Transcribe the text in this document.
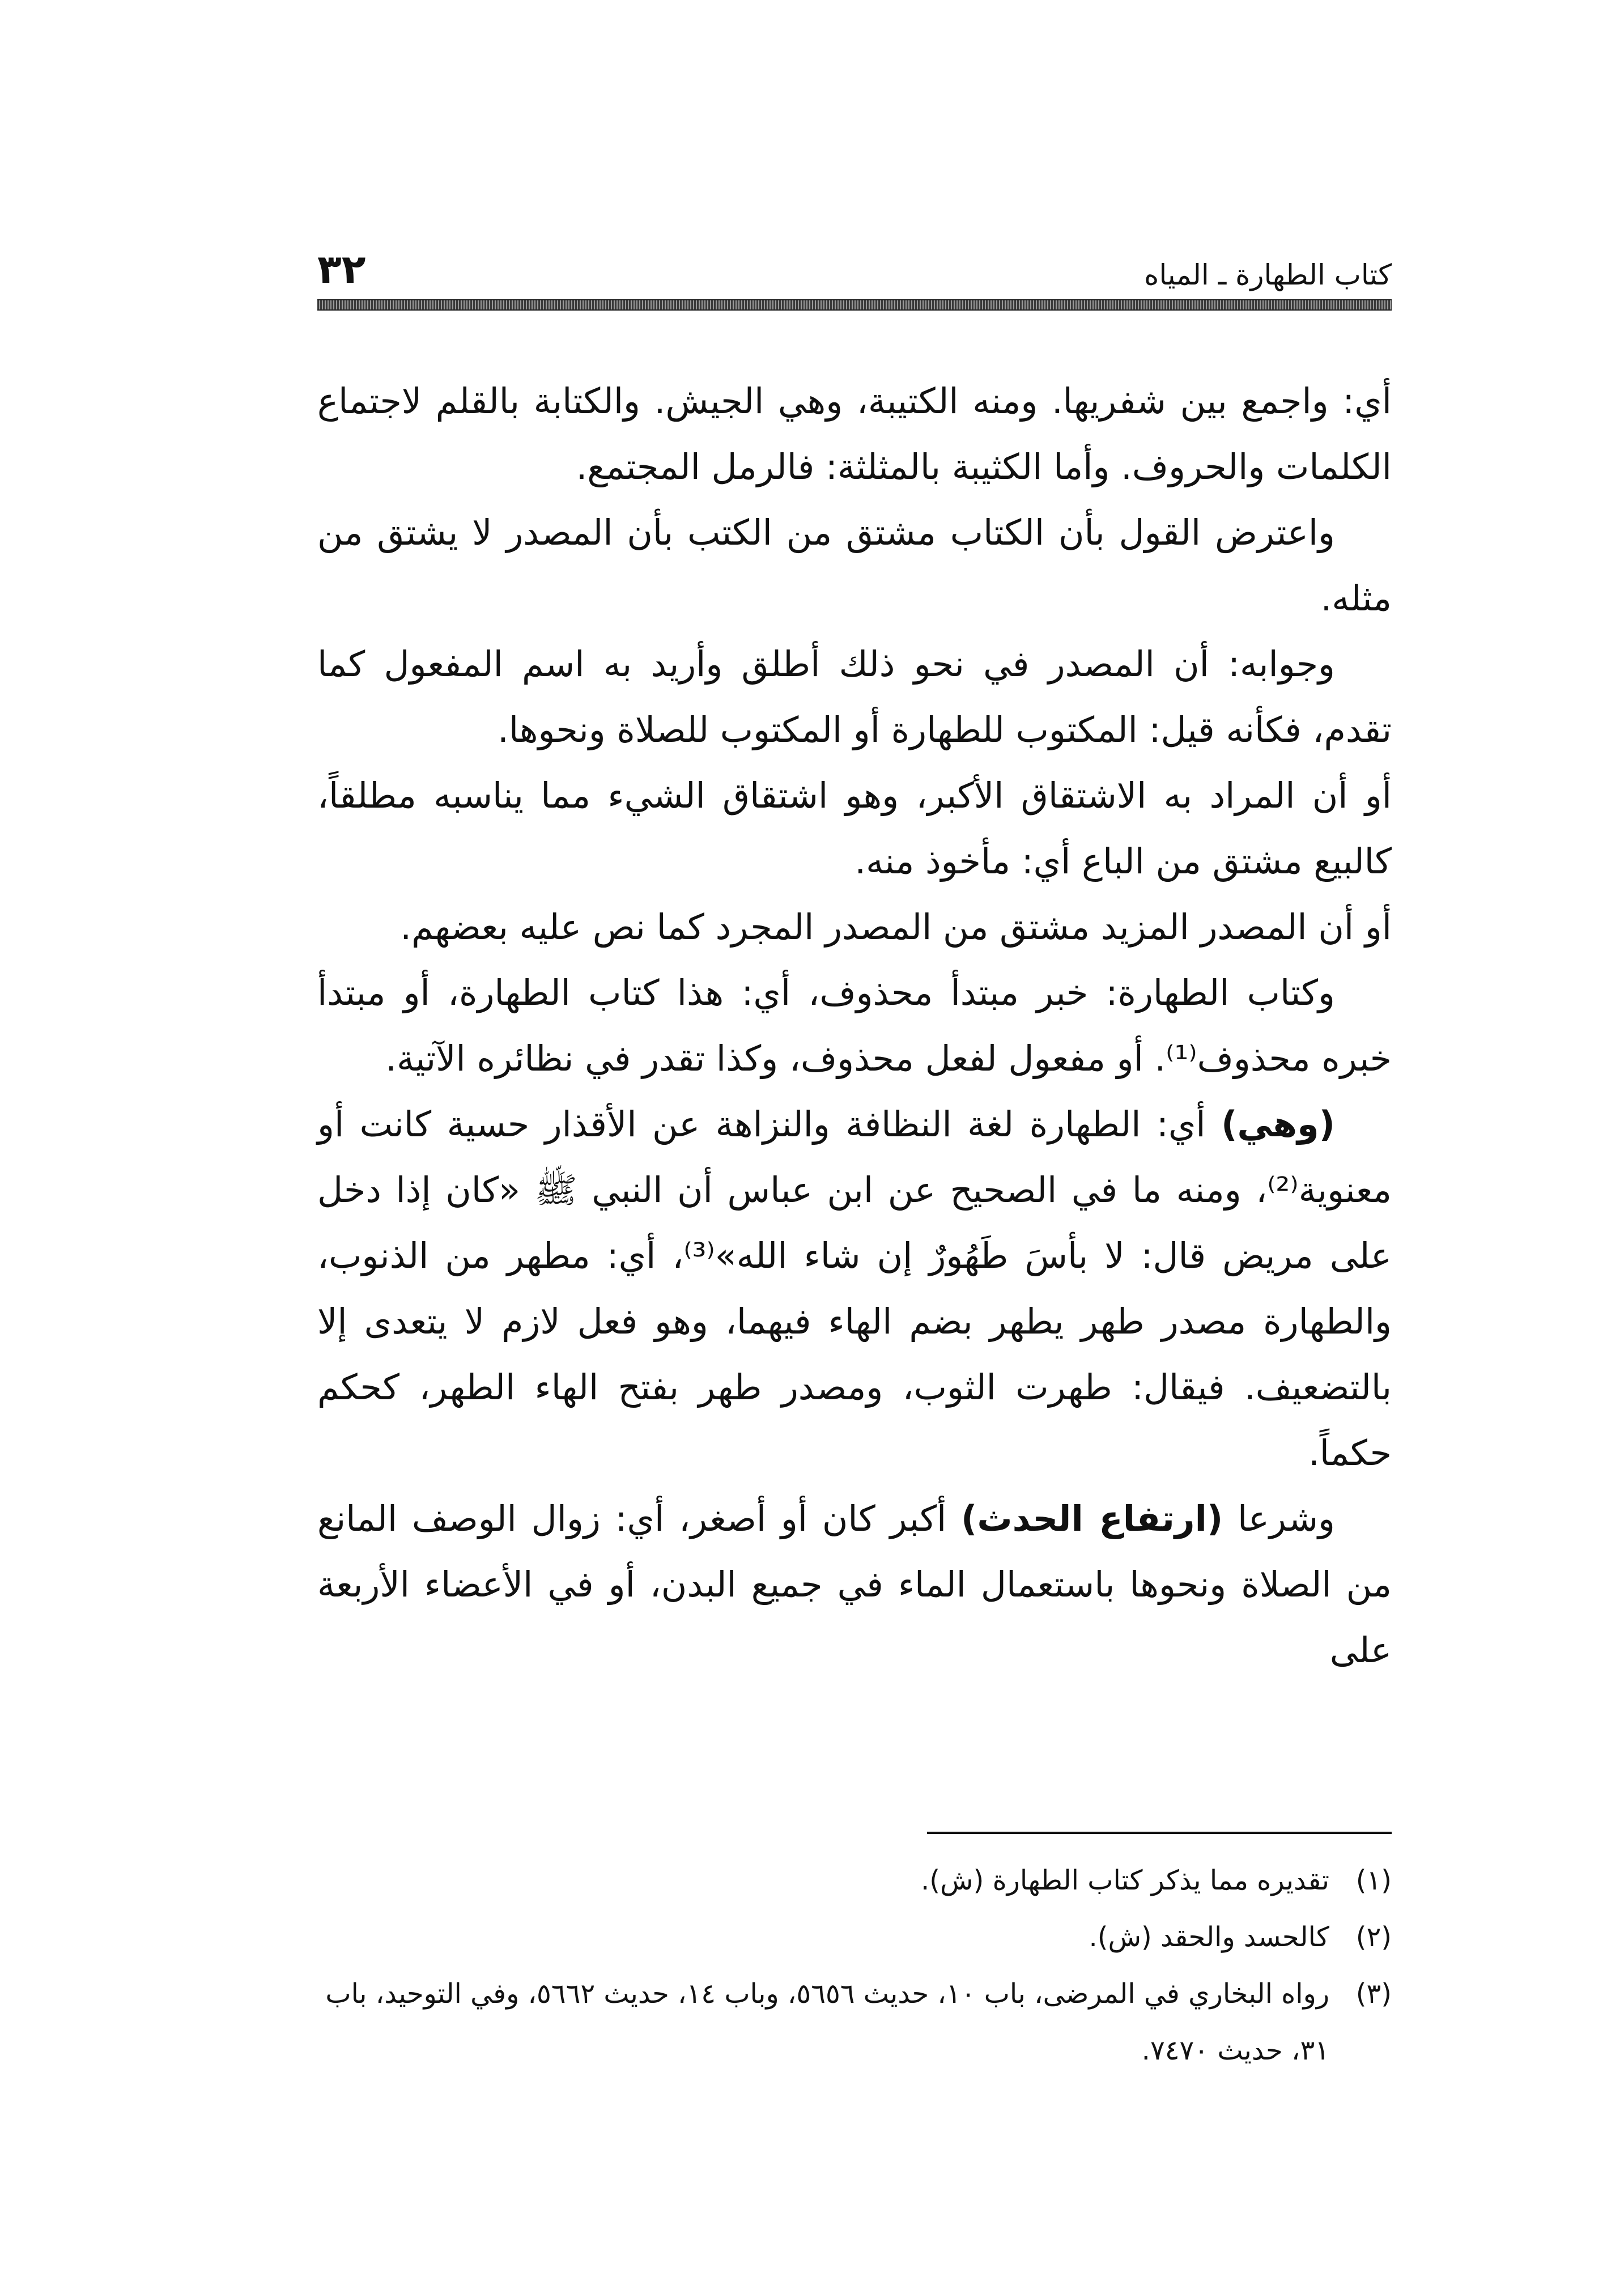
كتاب الطهارة ـ المياه
٣٢

أي: واجمع بين شفريها. ومنه الكتيبة، وهي الجيش. والكتابة بالقلم لاجتماع الكلمات والحروف. وأما الكثيبة بالمثلثة: فالرمل المجتمع.

واعترض القول بأن الكتاب مشتق من الكتب بأن المصدر لا يشتق من مثله.

وجوابه: أن المصدر في نحو ذلك أطلق وأريد به اسم المفعول كما تقدم، فكأنه قيل: المكتوب للطهارة أو المكتوب للصلاة ونحوها.

أو أن المراد به الاشتقاق الأكبر، وهو اشتقاق الشيء مما يناسبه مطلقاً، كالبيع مشتق من الباع أي: مأخوذ منه.

أو أن المصدر المزيد مشتق من المصدر المجرد كما نص عليه بعضهم.

وكتاب الطهارة: خبر مبتدأ محذوف، أي: هذا كتاب الطهارة، أو مبتدأ خبره محذوف⁽¹⁾. أو مفعول لفعل محذوف، وكذا تقدر في نظائره الآتية.

(وهي) أي: الطهارة لغة النظافة والنزاهة عن الأقذار حسية كانت أو معنوية⁽²⁾، ومنه ما في الصحيح عن ابن عباس أن النبي ﷺ «كان إذا دخل على مريض قال: لا بأسَ طَهُورٌ إن شاء الله»⁽³⁾، أي: مطهر من الذنوب، والطهارة مصدر طهر يطهر بضم الهاء فيهما، وهو فعل لازم لا يتعدى إلا بالتضعيف. فيقال: طهرت الثوب، ومصدر طهر بفتح الهاء الطهر، كحكم حكماً.

وشرعا (ارتفاع الحدث) أكبر كان أو أصغر، أي: زوال الوصف المانع من الصلاة ونحوها باستعمال الماء في جميع البدن، أو في الأعضاء الأربعة على

(١)
تقديره مما يذكر كتاب الطهارة (ش).
(٢)
كالحسد والحقد (ش).
(٣)
رواه البخاري في المرضى، باب ١٠، حديث ٥٦٥٦، وباب ١٤، حديث ٥٦٦٢، وفي التوحيد، باب ٣١، حديث ٧٤٧٠.
